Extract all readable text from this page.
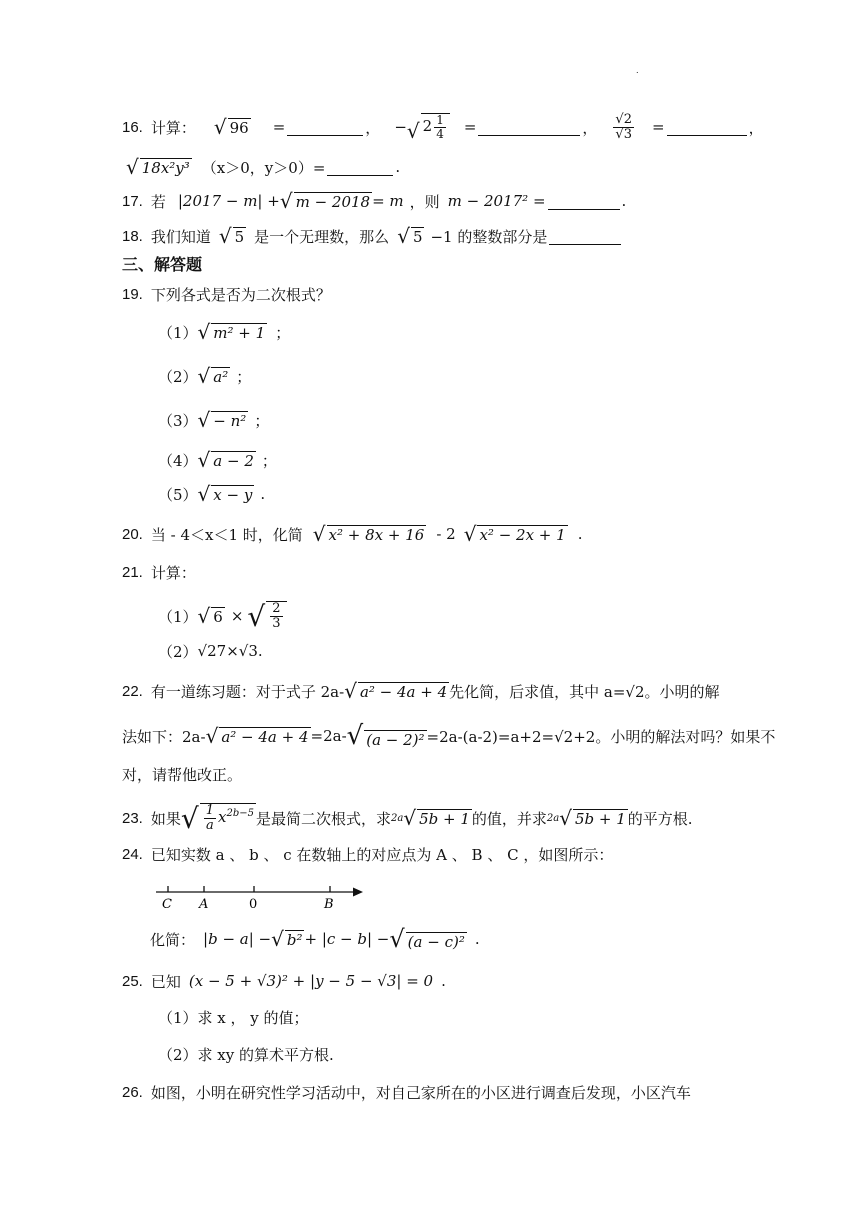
.
16. 计算： √ 96 =	， − √ $2 \frac{1}{4}$ =	， $\frac{√2}{√3}$ =	，
√ 18x²y³ （x＞0，y＞0）=	.
17. 若 |2017 − m| + √ m − 2018 = m ，则 m − 2017² =	.
18. 我们知道 √ 5 是一个无理数，那么 √ 5 −1 的整数部分是
三、解答题
19. 下列各式是否为二次根式？
（1） √ m² + 1 ；
（2） √ a² ；
（3） √ − n² ；
（4） √ a − 2 ；
（5） √ x − y .
20. 当 - 4＜x＜1 时，化简 √ x² + 8x + 16 - 2 √ x² − 2x + 1 .
21. 计算：
（1） √ 6 × √ $\frac{2}{3}$
（2） √27×√3.
22. 有一道练习题：对于式子 2a- √ a² − 4a + 4 先化简，后求值，其中 a=√2。小明的解
法如下：2a- √ a² − 4a + 4 =2a- √ (a − 2)² =2a-(a-2)=a+2=√2+2。小明的解法对吗？如果不
对，请帮他改正。
23. 如果 √ $\frac{1}{a} x^{2b-5}$ 是最简二次根式，求 2a √ 5b + 1 的值，并求 2a √ 5b + 1 的平方根.
24. 已知实数 a 、 b 、 c 在数轴上的对应点为 A 、 B 、 C ，如图所示：
C A	0	B
化简： |b − a| − √ b² + |c − b| − √ (a − c)² .
25. 已知 (x − 5 + √3)² + |y − 5 − √3| = 0 .
（1）求 x ， y 的值；
（2）求 xy 的算术平方根.
26. 如图，小明在研究性学习活动中，对自己家所在的小区进行调查后发现，小区汽车
